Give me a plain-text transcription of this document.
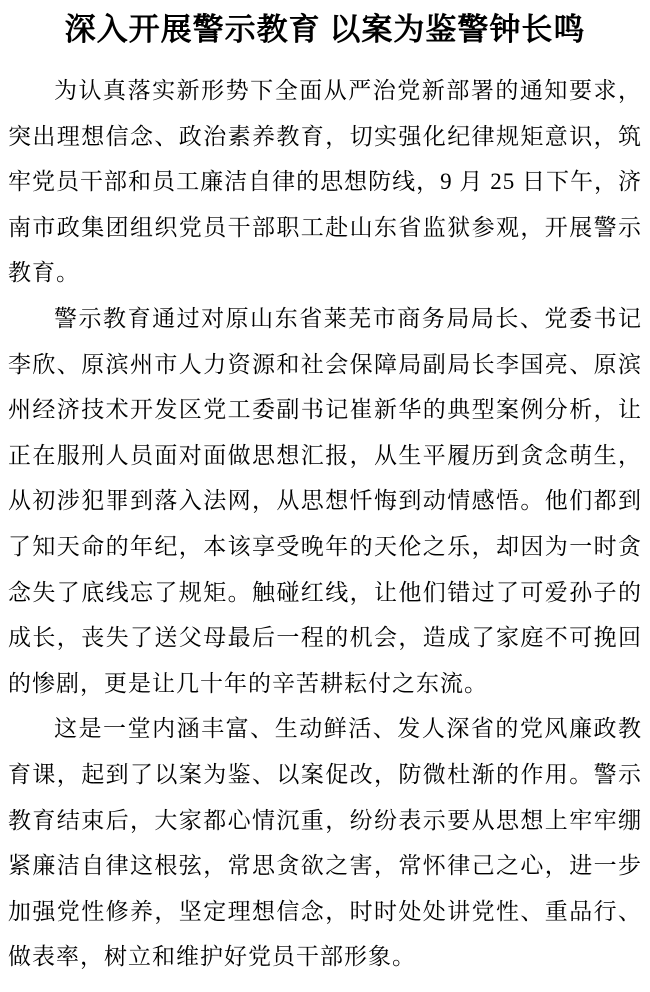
深入开展警示教育 以案为鉴警钟长鸣

为认真落实新形势下全面从严治党新部署的通知要求，突出理想信念、政治素养教育，切实强化纪律规矩意识，筑牢党员干部和员工廉洁自律的思想防线，9 月 25 日下午，济南市政集团组织党员干部职工赴山东省监狱参观，开展警示教育。

警示教育通过对原山东省莱芜市商务局局长、党委书记李欣、原滨州市人力资源和社会保障局副局长李国亮、原滨州经济技术开发区党工委副书记崔新华的典型案例分析，让正在服刑人员面对面做思想汇报，从生平履历到贪念萌生，从初涉犯罪到落入法网，从思想忏悔到动情感悟。他们都到了知天命的年纪，本该享受晚年的天伦之乐，却因为一时贪念失了底线忘了规矩。触碰红线，让他们错过了可爱孙子的成长，丧失了送父母最后一程的机会，造成了家庭不可挽回的惨剧，更是让几十年的辛苦耕耘付之东流。

这是一堂内涵丰富、生动鲜活、发人深省的党风廉政教育课，起到了以案为鉴、以案促改，防微杜渐的作用。警示教育结束后，大家都心情沉重，纷纷表示要从思想上牢牢绷紧廉洁自律这根弦，常思贪欲之害，常怀律己之心，进一步加强党性修养，坚定理想信念，时时处处讲党性、重品行、做表率，树立和维护好党员干部形象。
